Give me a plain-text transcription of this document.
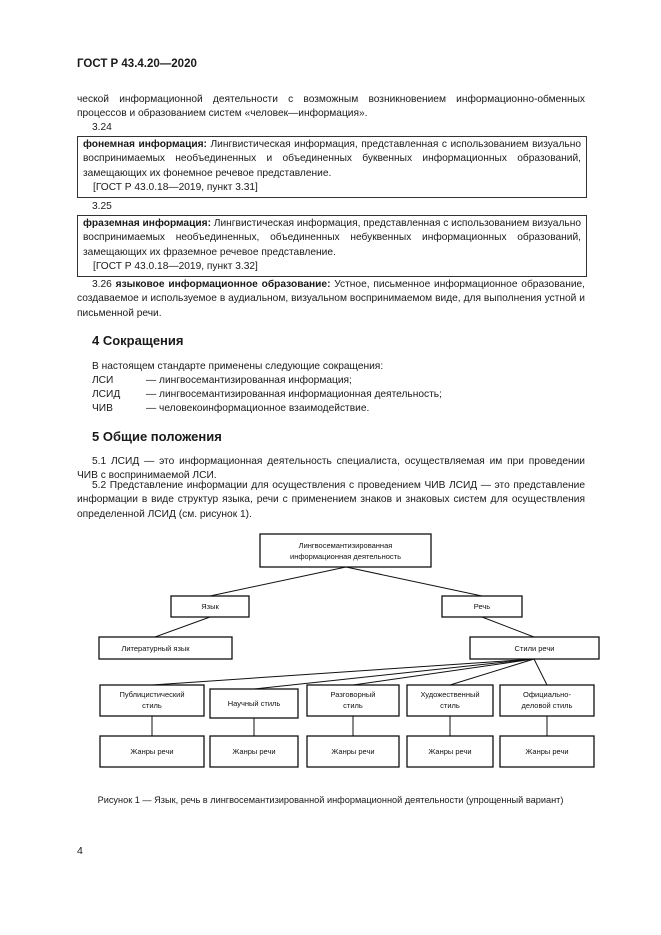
ГОСТ Р 43.4.20—2020
ческой информационной деятельности с возможным возникновением информационно-обменных процессов и образованием систем «человек—информация».
3.24
фонемная информация: Лингвистическая информация, представленная с использованием визуально воспринимаемых необъединенных и объединенных буквенных информационных образований, замещающих их фонемное речевое представление.
[ГОСТ Р 43.0.18—2019, пункт 3.31]
3.25
фраземная информация: Лингвистическая информация, представленная с использованием визуально воспринимаемых необъединенных, объединенных небуквенных информационных образований, замещающих их фраземное речевое представление.
[ГОСТ Р 43.0.18—2019, пункт 3.32]
3.26 языковое информационное образование: Устное, письменное информационное образование, создаваемое и используемое в аудиальном, визуальном воспринимаемом виде, для выполнения устной и письменной речи.
4 Сокращения
В настоящем стандарте применены следующие сокращения:
ЛСИ	— лингвосемантизированная информация;
ЛСИД	— лингвосемантизированная информационная деятельность;
ЧИВ	— человекоинформационное взаимодействие.
5 Общие положения
5.1 ЛСИД — это информационная деятельность специалиста, осуществляемая им при проведении ЧИВ с воспринимаемой ЛСИ.
5.2 Представление информации для осуществления с проведением ЧИВ ЛСИД — это представление информации в виде структур языка, речи с применением знаков и знаковых систем для осуществления определенной ЛСИД (см. рисунок 1).
Лингвосемантизированная
информационная деятельность
Язык	Речь
Литературный язык	Стили речи
Публицистический
стиль	Научный стиль
Разговорный
стиль
Художественный
стиль
Официально-
деловой стиль
Жанры речи	Жанры речи	Жанры речи	Жанры речи	Жанры речи
Рисунок 1 — Язык, речь в лингвосемантизированной информационной деятельности (упрощенный вариант)
4
